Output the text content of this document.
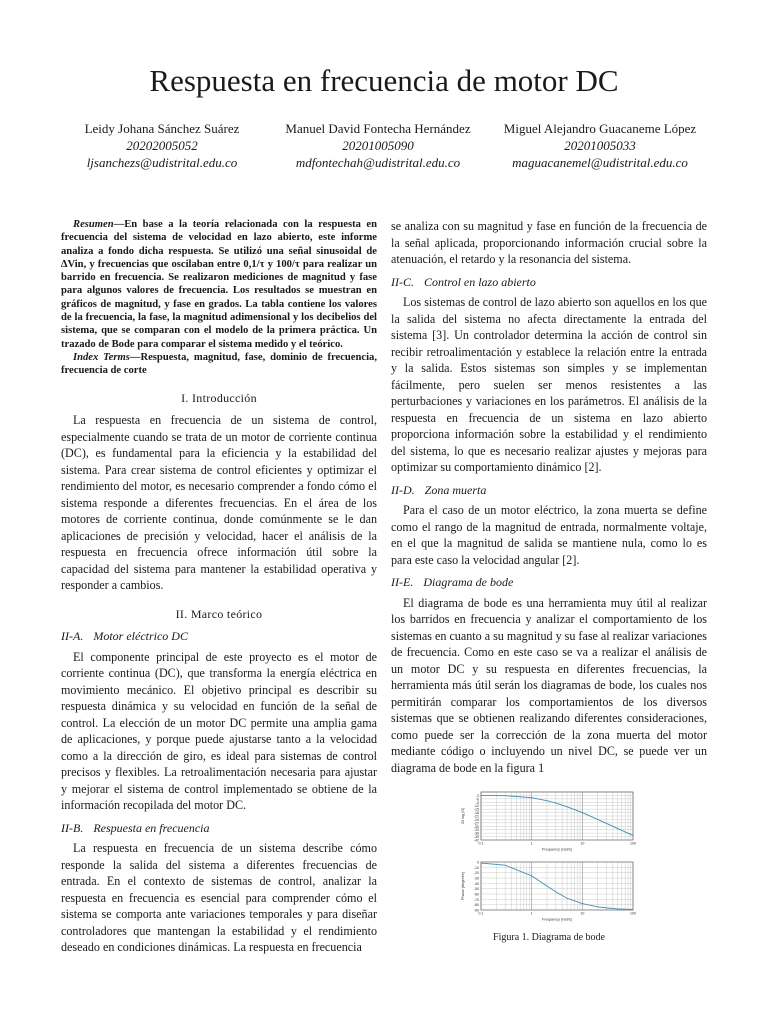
Respuesta en frecuencia de motor DC
Leidy Johana Sánchez Suárez
20202005052
ljsanchezs@udistrital.edu.co
Manuel David Fontecha Hernández
20201005090
mdfontechah@udistrital.edu.co
Miguel Alejandro Guacaneme López
20201005033
maguacanemel@udistrital.edu.co

Resumen—En base a la teoría relacionada con la respuesta en frecuencia del sistema de velocidad en lazo abierto, este informe analiza a fondo dicha respuesta. Se utilizó una señal sinusoidal de ∆Vin, y frecuencias que oscilaban entre 0,1/τ y 100/τ para realizar un barrido en frecuencia. Se realizaron mediciones de magnitud y fase para algunos valores de frecuencia. Los resultados se muestran en gráficos de magnitud, y fase en grados. La tabla contiene los valores de la frecuencia, la fase, la magnitud adimensional y los decibelios del sistema, que se comparan con el modelo de la primera práctica. Un trazado de Bode para comparar el sistema medido y el teórico.

Index Terms—Respuesta, magnitud, fase, dominio de frecuencia, frecuencia de corte

I. Introducción

La respuesta en frecuencia de un sistema de control, especialmente cuando se trata de un motor de corriente continua (DC), es fundamental para la eficiencia y la estabilidad del sistema. Para crear sistema de control eficientes y optimizar el rendimiento del motor, es necesario comprender a fondo cómo el sistema responde a diferentes frecuencias. En el área de los motores de corriente continua, donde comúnmente se le dan aplicaciones de precisión y velocidad, hacer el análisis de la respuesta en frecuencia ofrece información útil sobre la capacidad del sistema para mantener la estabilidad operativa y responder a cambios.

II. Marco teórico
II-A. Motor eléctrico DC

El componente principal de este proyecto es el motor de corriente continua (DC), que transforma la energía eléctrica en movimiento mecánico. El objetivo principal es describir su respuesta dinámica y su velocidad en función de la señal de control. La elección de un motor DC permite una amplia gama de aplicaciones, y porque puede ajustarse tanto a la velocidad como a la dirección de giro, es ideal para sistemas de control precisos y flexibles. La retroalimentación necesaria para ajustar y mejorar el sistema de control implementado se obtiene de la información recopilada del motor DC.

II-B. Respuesta en frecuencia

La respuesta en frecuencia de un sistema describe cómo responde la salida del sistema a diferentes frecuencias de entrada. En el contexto de sistemas de control, analizar la respuesta en frecuencia es esencial para comprender cómo el sistema se comporta ante variaciones temporales y para diseñar controladores que mantengan la estabilidad y el rendimiento deseado en condiciones dinámicas. La respuesta en frecuencia

se analiza con su magnitud y fase en función de la frecuencia de la señal aplicada, proporcionando información crucial sobre la atenuación, el retardo y la resonancia del sistema.

II-C. Control en lazo abierto

Los sistemas de control de lazo abierto son aquellos en los que la salida del sistema no afecta directamente la entrada del sistema [3]. Un controlador determina la acción de control sin recibir retroalimentación y establece la relación entre la entrada y la salida. Estos sistemas son simples y se implementan fácilmente, pero suelen ser menos resistentes a las perturbaciones y variaciones en los parámetros. El análisis de la respuesta en frecuencia de un sistema en lazo abierto proporciona información sobre la estabilidad y el rendimiento del sistema, lo que es necesario realizar ajustes y mejoras para optimizar su comportamiento dinámico [2].

II-D. Zona muerta

Para el caso de un motor eléctrico, la zona muerta se define como el rango de la magnitud de entrada, normalmente voltaje, en el que la magnitud de salida se mantiene nula, como lo es para este caso la velocidad angular [2].

II-E. Diagrama de bode

El diagrama de bode es una herramienta muy útil al realizar los barridos en frecuencia y analizar el comportamiento de los sistemas en cuanto a su magnitud y su fase al realizar variaciones de frecuencia. Como en este caso se va a realizar el análisis de un motor DC y su respuesta en diferentes frecuencias, la herramienta más útil serán los diagramas de bode, los cuales nos permitirán comparar los comportamientos de los diversos sistemas que se obtienen realizando diferentes consideraciones, como puede ser la corrección de la zona muerta del motor mediante código o incluyendo un nivel DC, se puede ver un diagrama de bode en la figura 1

-3
-6
-9
-12
-15
-18
-21
-24
-27
-30
-33
-36
-39
-42
0.1	1	10	100
Frequency (rad/s)
20 log |G|
0
-10
-20
-30
-40
-50
-60
-70
-80
-90
0.1	1	10	100
Frequency (rad/s)
Phase (degrees)
Figura 1. Diagrama de bode
